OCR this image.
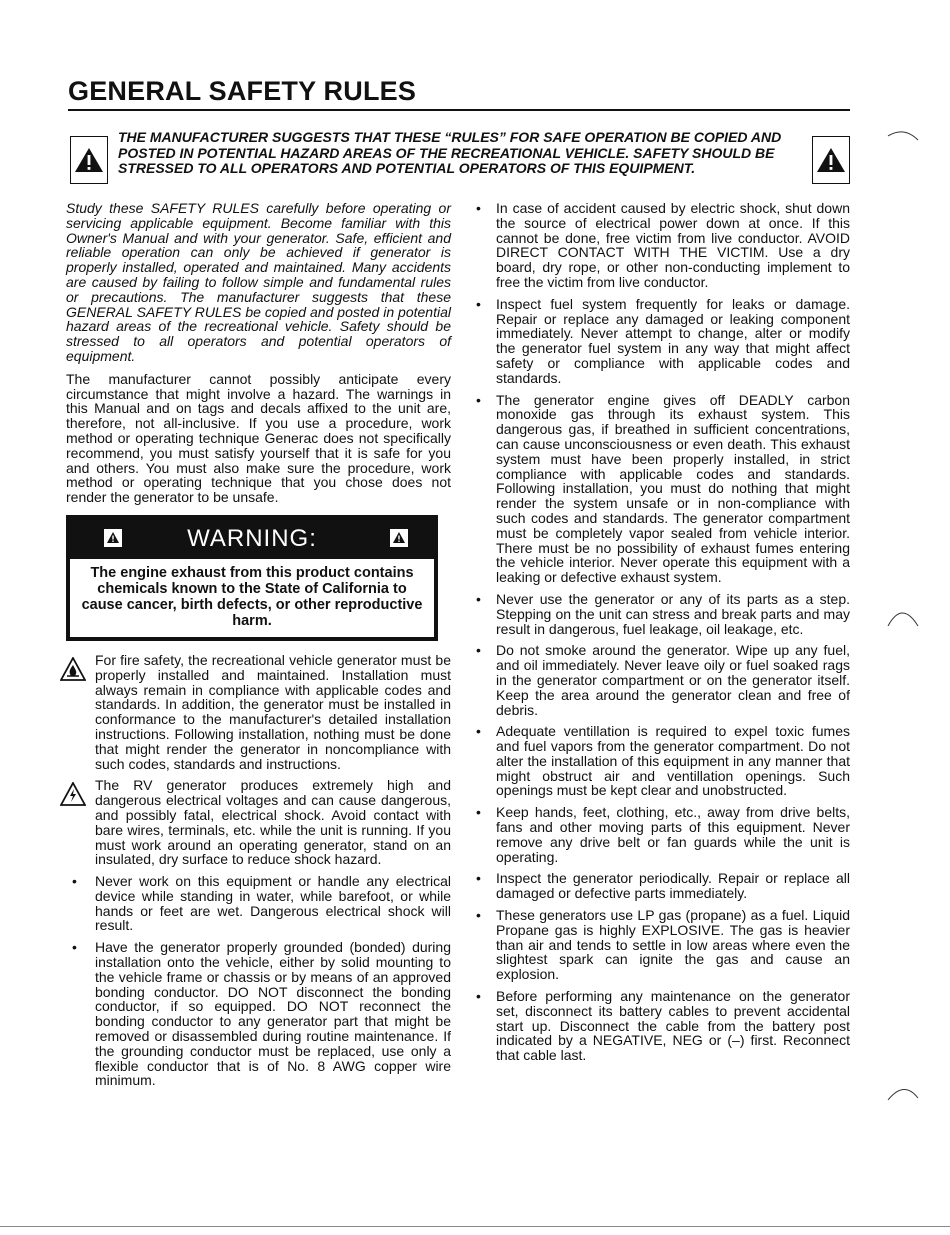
GENERAL SAFETY RULES
THE MANUFACTURER SUGGESTS THAT THESE “RULES” FOR SAFE OPERATION BE COPIED AND POSTED IN POTENTIAL HAZARD AREAS OF THE RECREATIONAL VEHICLE. SAFETY SHOULD BE STRESSED TO ALL OPERATORS AND POTENTIAL OPERATORS OF THIS EQUIPMENT.

Study these SAFETY RULES carefully before operating or servicing applicable equipment. Become familiar with this Owner's Manual and with your generator. Safe, efficient and reliable operation can only be achieved if generator is properly installed, operated and maintained. Many accidents are caused by failing to follow simple and fundamental rules or precautions. The manufacturer suggests that these GENERAL SAFETY RULES be copied and posted in potential hazard areas of the recreational vehicle. Safety should be stressed to all operators and potential operators of equipment.

The manufacturer cannot possibly anticipate every circumstance that might involve a hazard. The warnings in this Manual and on tags and decals affixed to the unit are, therefore, not all-inclusive. If you use a procedure, work method or operating technique Generac does not specifically recommend, you must satisfy yourself that it is safe for you and others. You must also make sure the procedure, work method or operating technique that you chose does not render the generator to be unsafe.

WARNING:
The engine exhaust from this product contains chemicals known to the State of California to cause cancer, birth defects, or other reproductive harm.
For fire safety, the recreational vehicle generator must be properly installed and maintained. Installation must always remain in compliance with applicable codes and standards. In addition, the generator must be installed in conformance to the manufacturer's detailed installation instructions. Following installation, nothing must be done that might render the generator in noncompliance with such codes, standards and instructions.
The RV generator produces extremely high and dangerous electrical voltages and can cause dangerous, and possibly fatal, electrical shock. Avoid contact with bare wires, terminals, etc. while the unit is running. If you must work around an operating generator, stand on an insulated, dry surface to reduce shock hazard.
• Never work on this equipment or handle any electrical device while standing in water, while barefoot, or while hands or feet are wet. Dangerous electrical shock will result.
• Have the generator properly grounded (bonded) during installation onto the vehicle, either by solid mounting to the vehicle frame or chassis or by means of an approved bonding conductor. DO NOT disconnect the bonding conductor, if so equipped. DO NOT reconnect the bonding conductor to any generator part that might be removed or disassembled during routine maintenance. If the grounding conductor must be replaced, use only a flexible conductor that is of No. 8 AWG copper wire minimum.
• In case of accident caused by electric shock, shut down the source of electrical power down at once. If this cannot be done, free victim from live conductor. AVOID DIRECT CONTACT WITH THE VICTIM. Use a dry board, dry rope, or other non-conducting implement to free the victim from live conductor.
• Inspect fuel system frequently for leaks or damage. Repair or replace any damaged or leaking component immediately. Never attempt to change, alter or modify the generator fuel system in any way that might affect safety or compliance with applicable codes and standards.
• The generator engine gives off DEADLY carbon monoxide gas through its exhaust system. This dangerous gas, if breathed in sufficient concentrations, can cause unconsciousness or even death. This exhaust system must have been properly installed, in strict compliance with applicable codes and standards. Following installation, you must do nothing that might render the system unsafe or in non-compliance with such codes and standards. The generator compartment must be completely vapor sealed from vehicle interior. There must be no possibility of exhaust fumes entering the vehicle interior. Never operate this equipment with a leaking or defective exhaust system.
• Never use the generator or any of its parts as a step. Stepping on the unit can stress and break parts and may result in dangerous, fuel leakage, oil leakage, etc.
• Do not smoke around the generator. Wipe up any fuel, and oil immediately. Never leave oily or fuel soaked rags in the generator compartment or on the generator itself. Keep the area around the generator clean and free of debris.
• Adequate ventillation is required to expel toxic fumes and fuel vapors from the generator compartment. Do not alter the installation of this equipment in any manner that might obstruct air and ventillation openings. Such openings must be kept clear and unobstructed.
• Keep hands, feet, clothing, etc., away from drive belts, fans and other moving parts of this equipment. Never remove any drive belt or fan guards while the unit is operating.
• Inspect the generator periodically. Repair or replace all damaged or defective parts immediately.
• These generators use LP gas (propane) as a fuel. Liquid Propane gas is highly EXPLOSIVE. The gas is heavier than air and tends to settle in low areas where even the slightest spark can ignite the gas and cause an explosion.
• Before performing any maintenance on the generator set, disconnect its battery cables to prevent accidental start up. Disconnect the cable from the battery post indicated by a NEGATIVE, NEG or (–) first. Reconnect that cable last.
